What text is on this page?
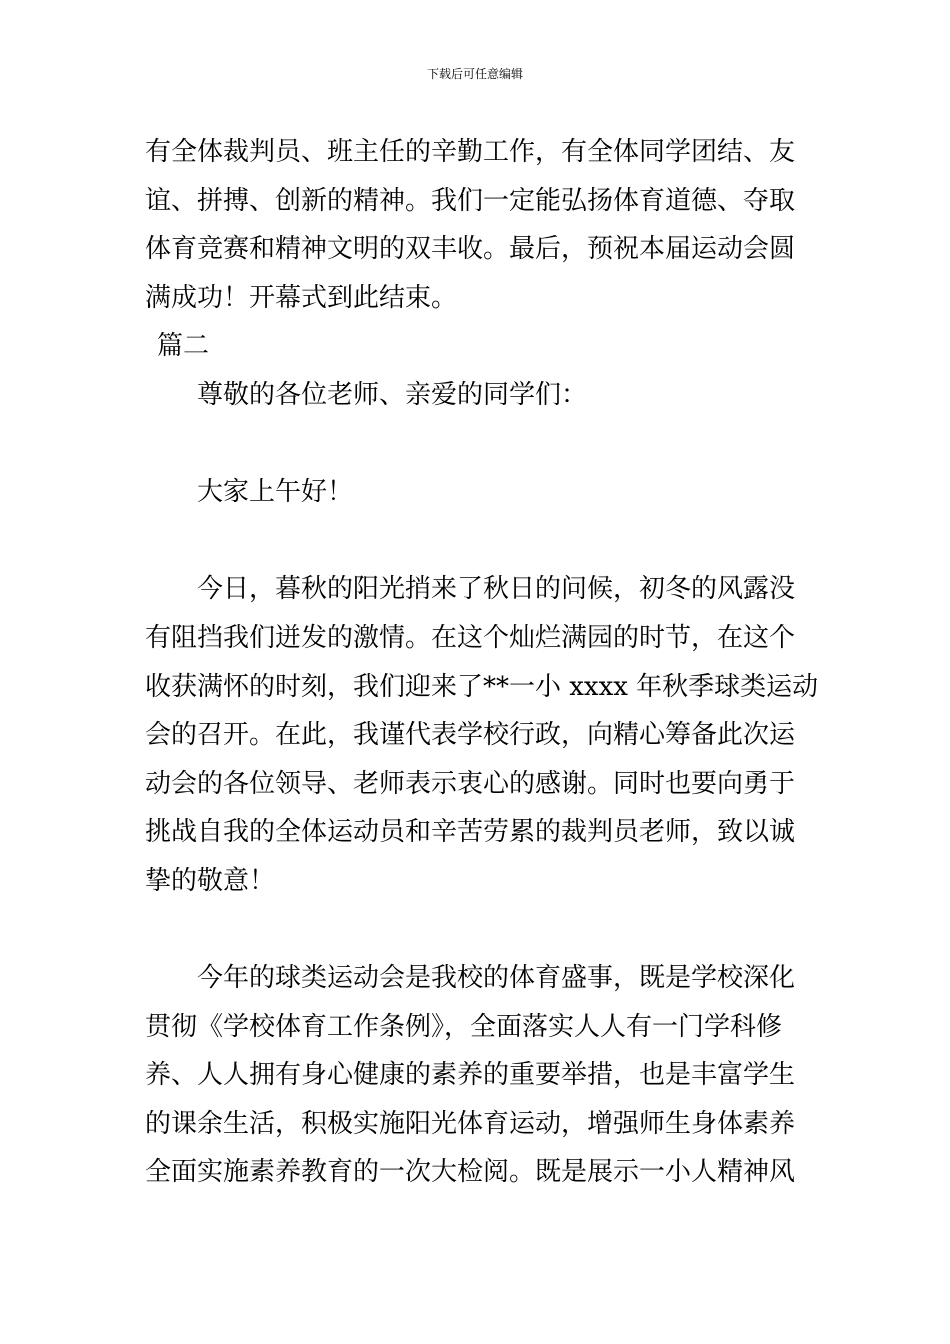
下载后可任意编辑
有全体裁判员、班主任的辛勤工作，有全体同学团结、友
谊、拼搏、创新的精神。我们一定能弘扬体育道德、夺取
体育竞赛和精神文明的双丰收。最后，预祝本届运动会圆
满成功！开幕式到此结束。
篇二
尊敬的各位老师、亲爱的同学们：
大家上午好！
今日，暮秋的阳光捎来了秋日的问候，初冬的风露没
有阻挡我们迸发的激情。在这个灿烂满园的时节，在这个
收获满怀的时刻，我们迎来了**一小 xxxx 年秋季球类运动
会的召开。在此，我谨代表学校行政，向精心筹备此次运
动会的各位领导、老师表示衷心的感谢。同时也要向勇于
挑战自我的全体运动员和辛苦劳累的裁判员老师，致以诚
挚的敬意！
今年的球类运动会是我校的体育盛事，既是学校深化
贯彻《学校体育工作条例》，全面落实人人有一门学科修
养、人人拥有身心健康的素养的重要举措，也是丰富学生
的课余生活，积极实施阳光体育运动，增强师生身体素养
全面实施素养教育的一次大检阅。既是展示一小人精神风
